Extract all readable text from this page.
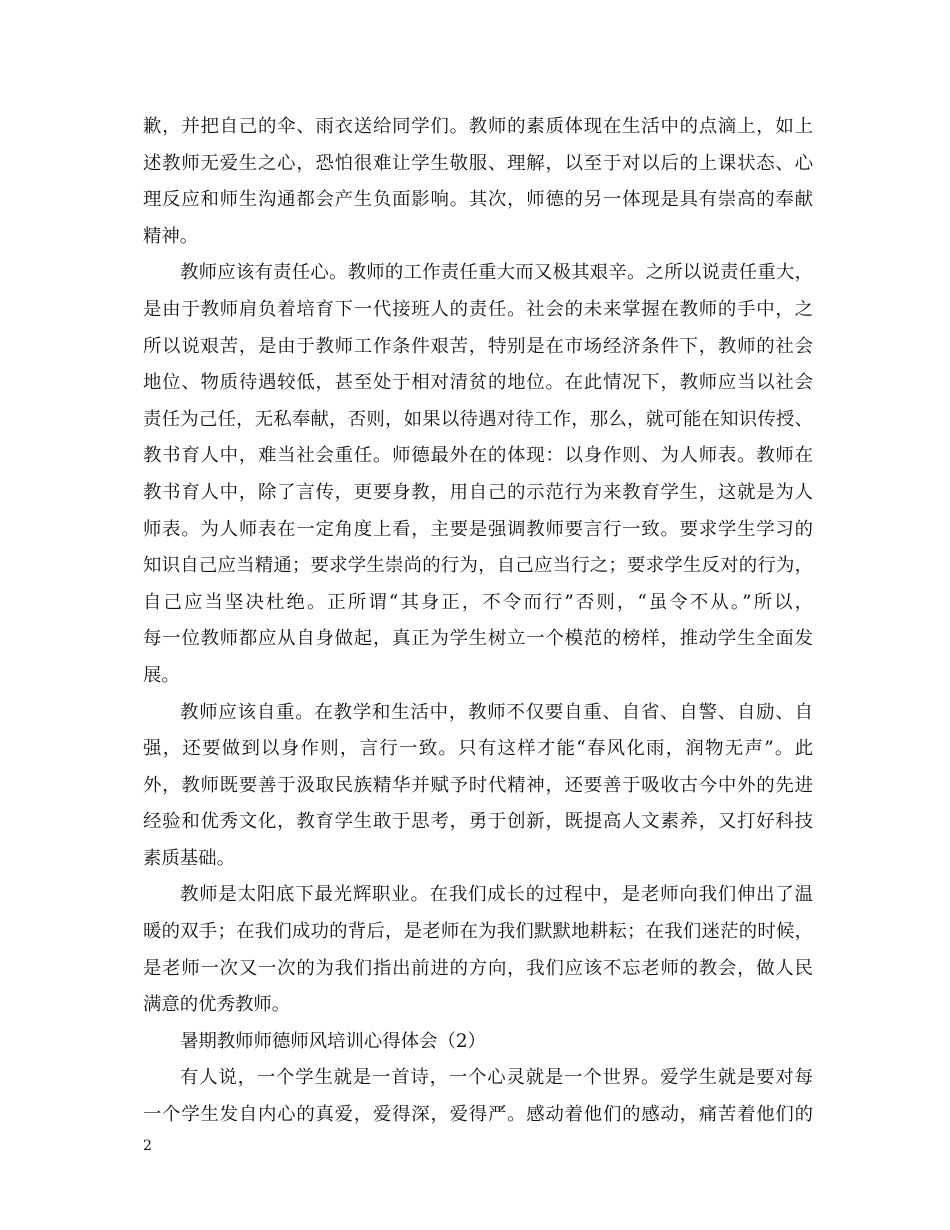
歉，并把自己的伞、雨衣送给同学们。教师的素质体现在生活中的点滴上，如上
述教师无爱生之心，恐怕很难让学生敬服、理解，以至于对以后的上课状态、心
理反应和师生沟通都会产生负面影响。其次，师德的另一体现是具有崇高的奉献
精神。
教师应该有责任心。教师的工作责任重大而又极其艰辛。之所以说责任重大，
是由于教师肩负着培育下一代接班人的责任。社会的未来掌握在教师的手中，之
所以说艰苦，是由于教师工作条件艰苦，特别是在市场经济条件下，教师的社会
地位、物质待遇较低，甚至处于相对清贫的地位。在此情况下，教师应当以社会
责任为己任，无私奉献，否则，如果以待遇对待工作，那么，就可能在知识传授、
教书育人中，难当社会重任。师德最外在的体现：以身作则、为人师表。教师在
教书育人中，除了言传，更要身教，用自己的示范行为来教育学生，这就是为人
师表。为人师表在一定角度上看，主要是强调教师要言行一致。要求学生学习的
知识自己应当精通；要求学生崇尚的行为，自己应当行之；要求学生反对的行为，
自己应当坚决杜绝。正所谓“其身正，不令而行”否则，“虽令不从。”所以，
每一位教师都应从自身做起，真正为学生树立一个模范的榜样，推动学生全面发
展。
教师应该自重。在教学和生活中，教师不仅要自重、自省、自警、自励、自
强，还要做到以身作则，言行一致。只有这样才能“春风化雨，润物无声”。此
外，教师既要善于汲取民族精华并赋予时代精神，还要善于吸收古今中外的先进
经验和优秀文化，教育学生敢于思考，勇于创新，既提高人文素养，又打好科技
素质基础。
教师是太阳底下最光辉职业。在我们成长的过程中，是老师向我们伸出了温
暖的双手；在我们成功的背后，是老师在为我们默默地耕耘；在我们迷茫的时候，
是老师一次又一次的为我们指出前进的方向，我们应该不忘老师的教会，做人民
满意的优秀教师。
暑期教师师德师风培训心得体会（2）
有人说，一个学生就是一首诗，一个心灵就是一个世界。爱学生就是要对每
一个学生发自内心的真爱，爱得深，爱得严。感动着他们的感动，痛苦着他们的
2
